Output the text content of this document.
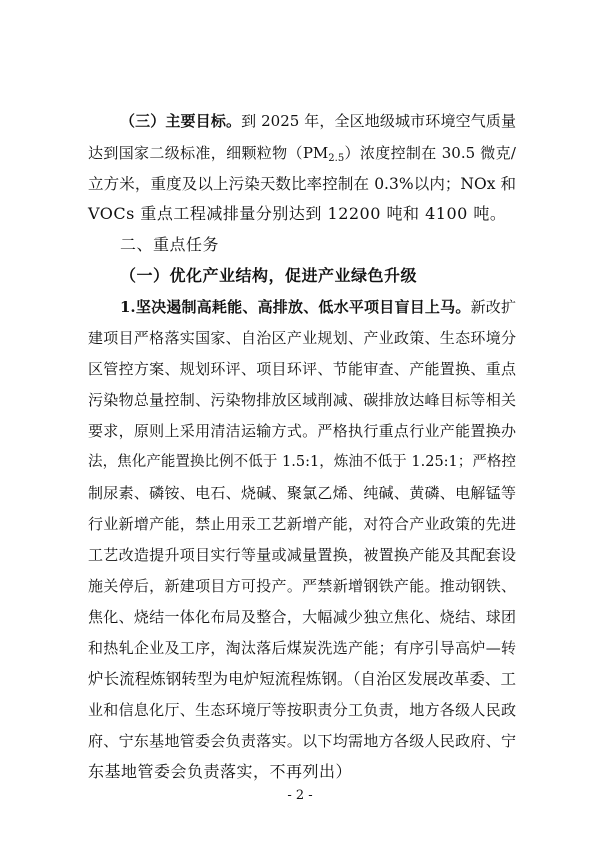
（三）主要目标。到 2025 年，全区地级城市环境空气质量
达到国家二级标准，细颗粒物$(PM_{2.5})$浓度控制在 30.5 微克/
立方米，重度及以上污染天数比率控制在 0.3%以内；NOx 和
VOCs 重点工程减排量分别达到 12200 吨和 4100 吨。
二、重点任务
（一）优化产业结构，促进产业绿色升级
1.坚决遏制高耗能、高排放、低水平项目盲目上马。新改扩
建项目严格落实国家、自治区产业规划、产业政策、生态环境分
区管控方案、规划环评、项目环评、节能审查、产能置换、重点
污染物总量控制、污染物排放区域削减、碳排放达峰目标等相关
要求，原则上采用清洁运输方式。严格执行重点行业产能置换办
法，焦化产能置换比例不低于 1.5:1，炼油不低于 1.25:1；严格控
制尿素、磷铵、电石、烧碱、聚氯乙烯、纯碱、黄磷、电解锰等
行业新增产能，禁止用汞工艺新增产能，对符合产业政策的先进
工艺改造提升项目实行等量或减量置换，被置换产能及其配套设
施关停后，新建项目方可投产。严禁新增钢铁产能。推动钢铁、
焦化、烧结一体化布局及整合，大幅减少独立焦化、烧结、球团
和热轧企业及工序，淘汰落后煤炭洗选产能；有序引导高炉—转
炉长流程炼钢转型为电炉短流程炼钢。（自治区发展改革委、工
业和信息化厅、生态环境厅等按职责分工负责，地方各级人民政
府、宁东基地管委会负责落实。以下均需地方各级人民政府、宁
东基地管委会负责落实，不再列出）
- 2 -
